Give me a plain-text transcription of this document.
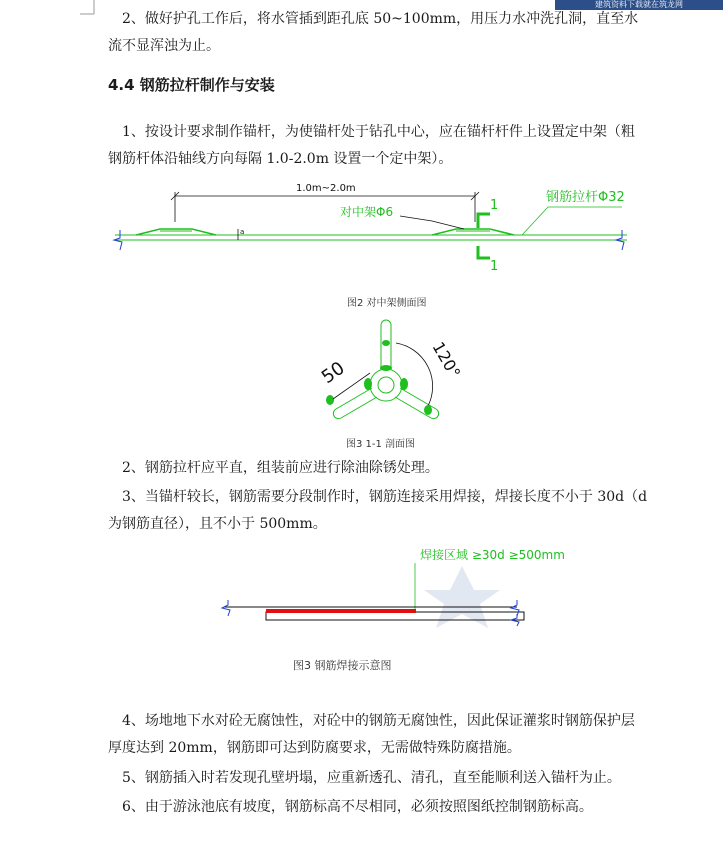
建筑资料下载就在筑龙网

2、做好护孔工作后，将水管插到距孔底 50~100mm，用压力水冲洗孔洞，直至水流不显浑浊为止。

4.4 钢筋拉杆制作与安装

1、按设计要求制作锚杆，为使锚杆处于钻孔中心，应在锚杆杆件上设置定中架（粗钢筋杆体沿轴线方向每隔 1.0-2.0m 设置一个定中架）。

a
1.0m~2.0m
对中架Φ6	1
1
钢筋拉杆Φ32
图2 对中架侧面图
50	120°
图3 1-1 剖面图

2、钢筋拉杆应平直，组装前应进行除油除锈处理。

3、当锚杆较长，钢筋需要分段制作时，钢筋连接采用焊接，焊接长度不小于 30d（d 为钢筋直径），且不小于 500mm。

焊接区域 ≥30d ≥500mm
图3 钢筋焊接示意图

4、场地地下水对砼无腐蚀性，对砼中的钢筋无腐蚀性，因此保证灌浆时钢筋保护层厚度达到 20mm，钢筋即可达到防腐要求，无需做特殊防腐措施。

5、钢筋插入时若发现孔壁坍塌，应重新透孔、清孔，直至能顺利送入锚杆为止。

6、由于游泳池底有坡度，钢筋标高不尽相同，必须按照图纸控制钢筋标高。
